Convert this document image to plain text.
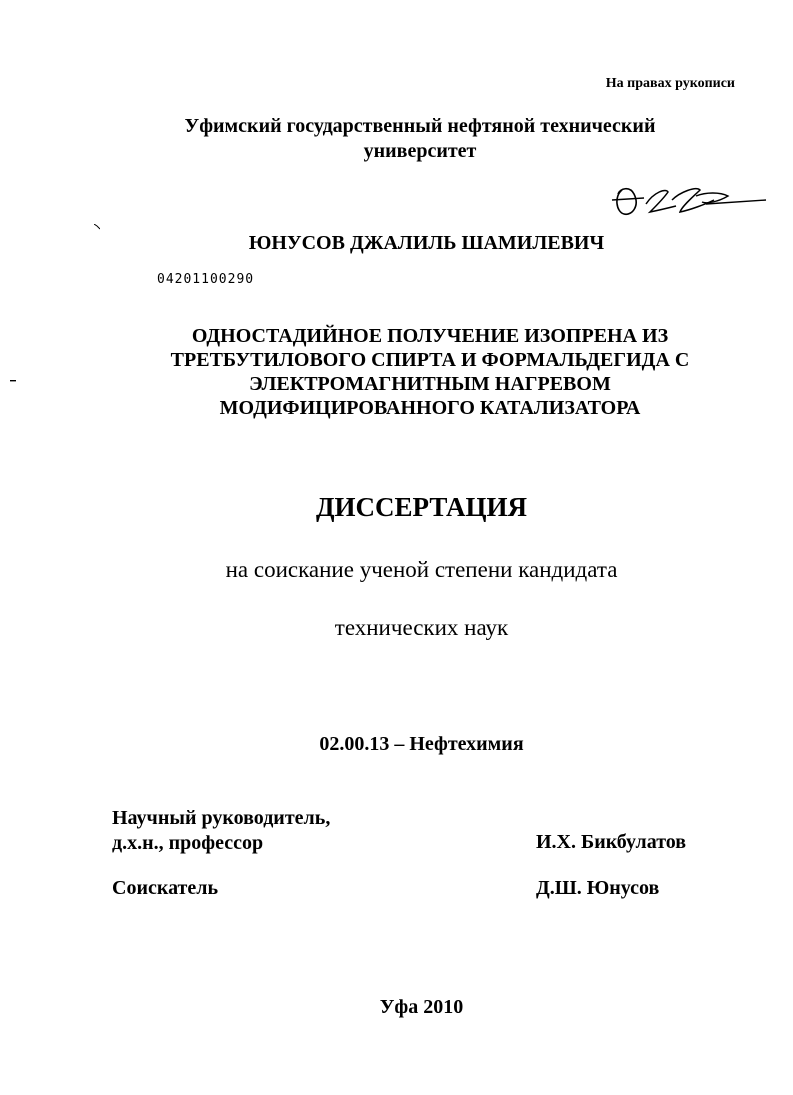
На правах рукописи
Уфимский государственный нефтяной технический
университет
ЮНУСОВ ДЖАЛИЛЬ ШАМИЛЕВИЧ
04201100290
ОДНОСТАДИЙНОЕ ПОЛУЧЕНИЕ ИЗОПРЕНА ИЗ
ТРЕТБУТИЛОВОГО СПИРТА И ФОРМАЛЬДЕГИДА С
ЭЛЕКТРОМАГНИТНЫМ НАГРЕВОМ
МОДИФИЦИРОВАННОГО КАТАЛИЗАТОРА
ДИССЕРТАЦИЯ
на соискание ученой степени кандидата
технических наук
02.00.13 – Нефтехимия
Научный руководитель,
д.х.н., профессор	И.Х. Бикбулатов
Соискатель	Д.Ш. Юнусов
Уфа 2010
